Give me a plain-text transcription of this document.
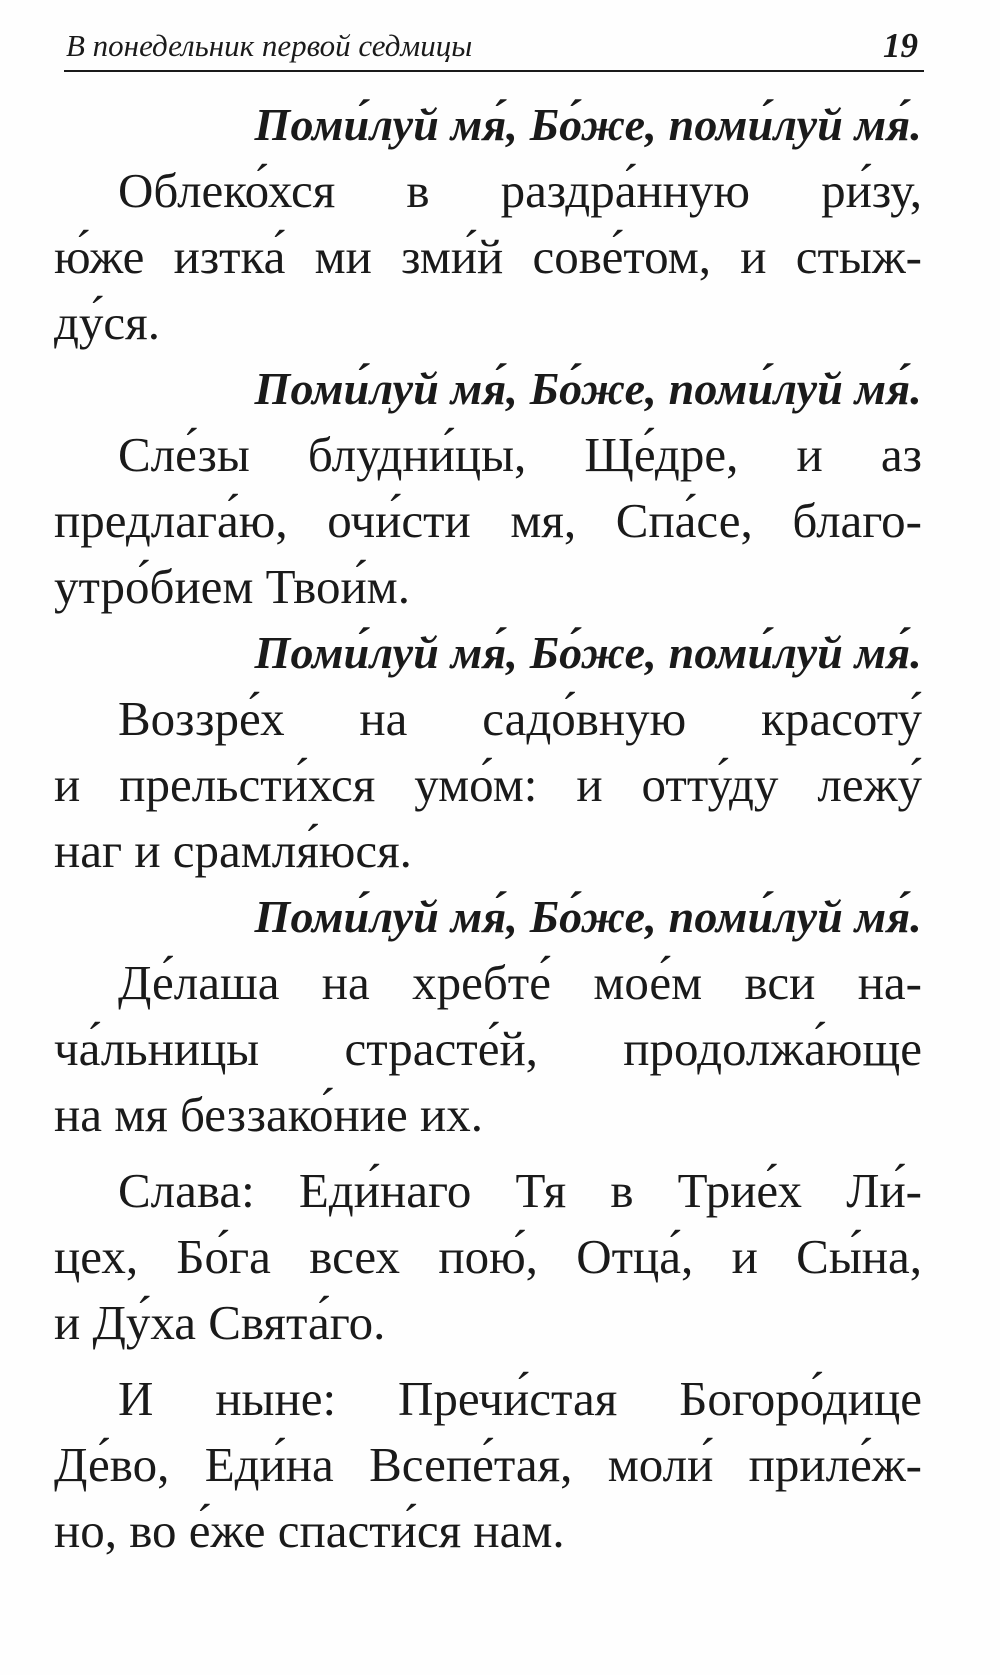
В понедельник первой седмицы	19
Поми́луй мя́, Бо́же, поми́луй мя́.
Облеко́хся в раздра́нную ри́зу,
ю́же изтка́ ми зми́й сове́том, и стыж-
ду́ся.
Поми́луй мя́, Бо́же, поми́луй мя́.
Сле́зы блудни́цы, Ще́дре, и аз
предлага́ю, очи́сти мя, Спа́се, благо-
утро́бием Твои́м.
Поми́луй мя́, Бо́же, поми́луй мя́.
Воззре́х на садо́вную красоту́
и прельсти́хся умо́м: и отту́ду лежу́
наг и срамля́юся.
Поми́луй мя́, Бо́же, поми́луй мя́.
Де́лаша на хребте́ мое́м вси на-
ча́льницы страсте́й, продолжа́юще
на мя беззако́ние их.
Слава: Еди́наго Тя в Трие́х Ли́-
цех, Бо́га всех пою́, Отца́, и Сы́на,
и Ду́ха Свята́го.
И ныне: Пречи́стая Богоро́дице
Де́во, Еди́на Всепе́тая, моли́ приле́ж-
но, во е́же спасти́ся нам.
